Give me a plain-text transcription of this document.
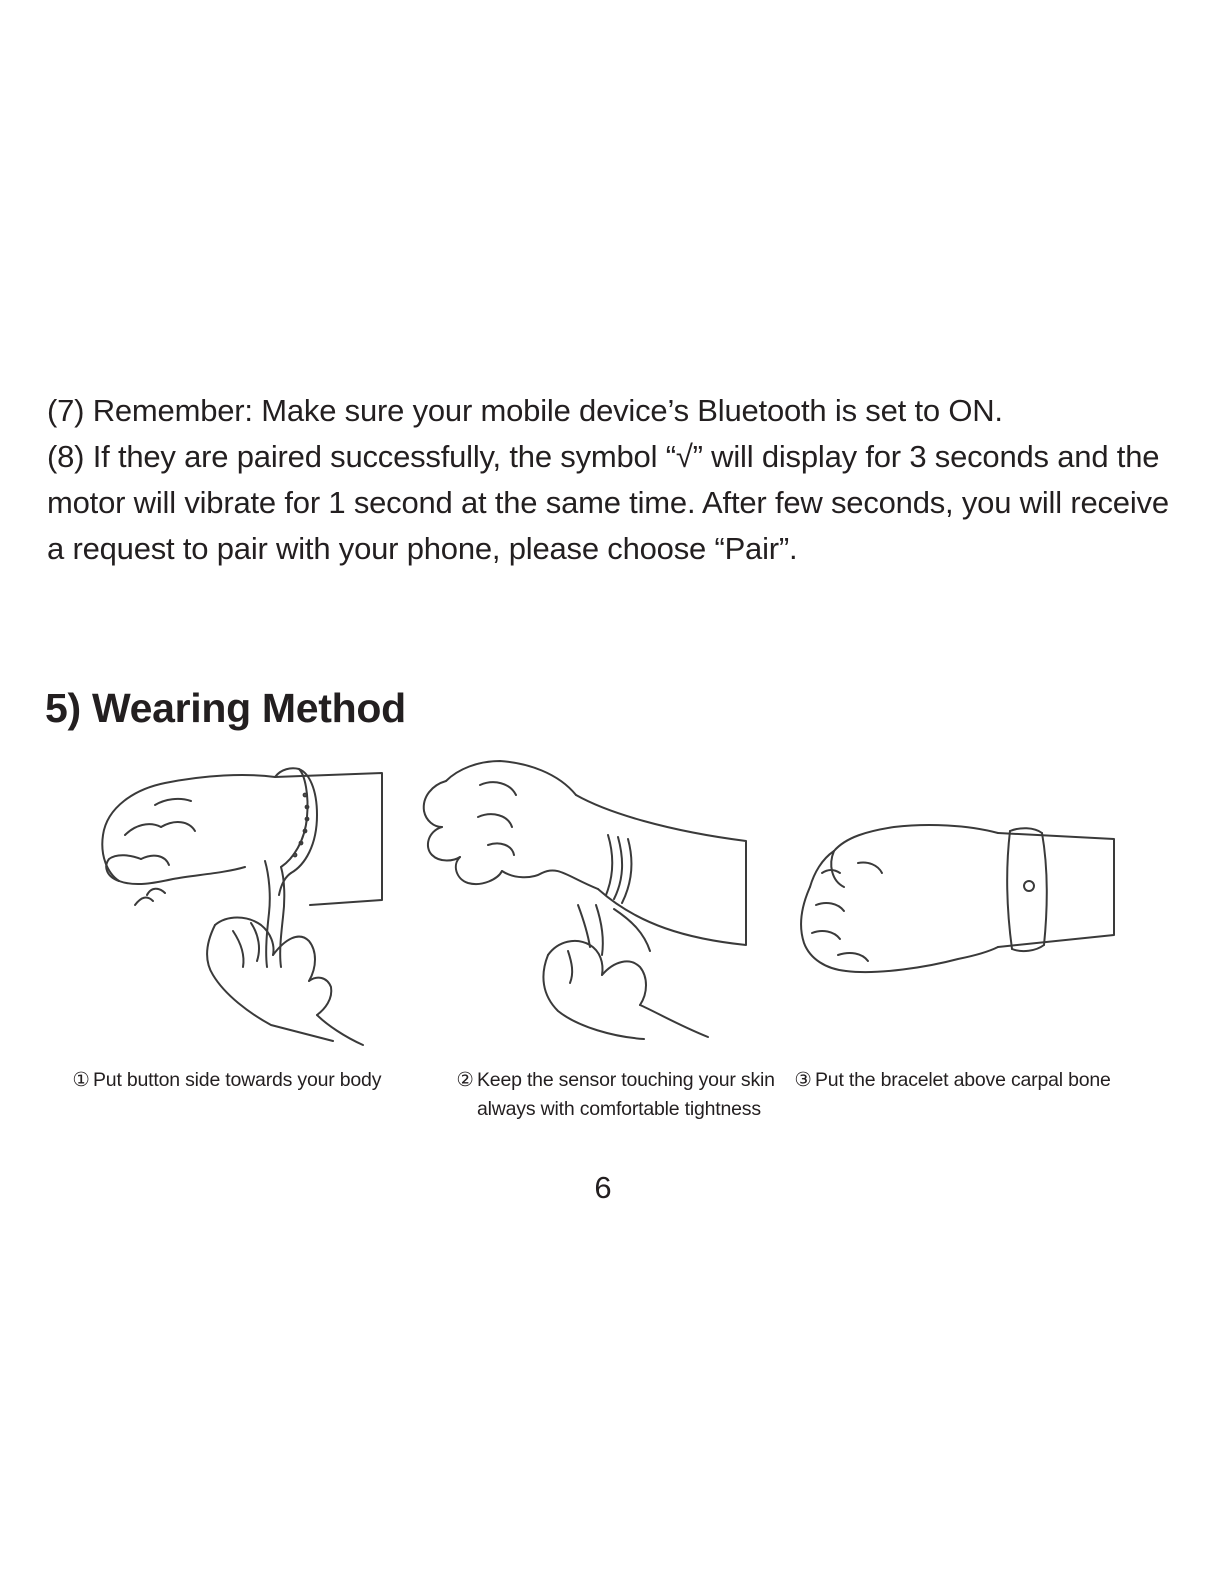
(7) Remember: Make sure your mobile device’s Bluetooth is set to ON.

(8) If they are paired successfully, the symbol “√” will display for 3 seconds and the motor will vibrate for 1 second at the same time. After few seconds, you will receive a request to pair with your phone, please choose “Pair”.

5) Wearing Method
① Put button side towards your body	② Keep the sensor touching your skin always with comfortable tightness
③ Put the bracelet above carpal bone
6
